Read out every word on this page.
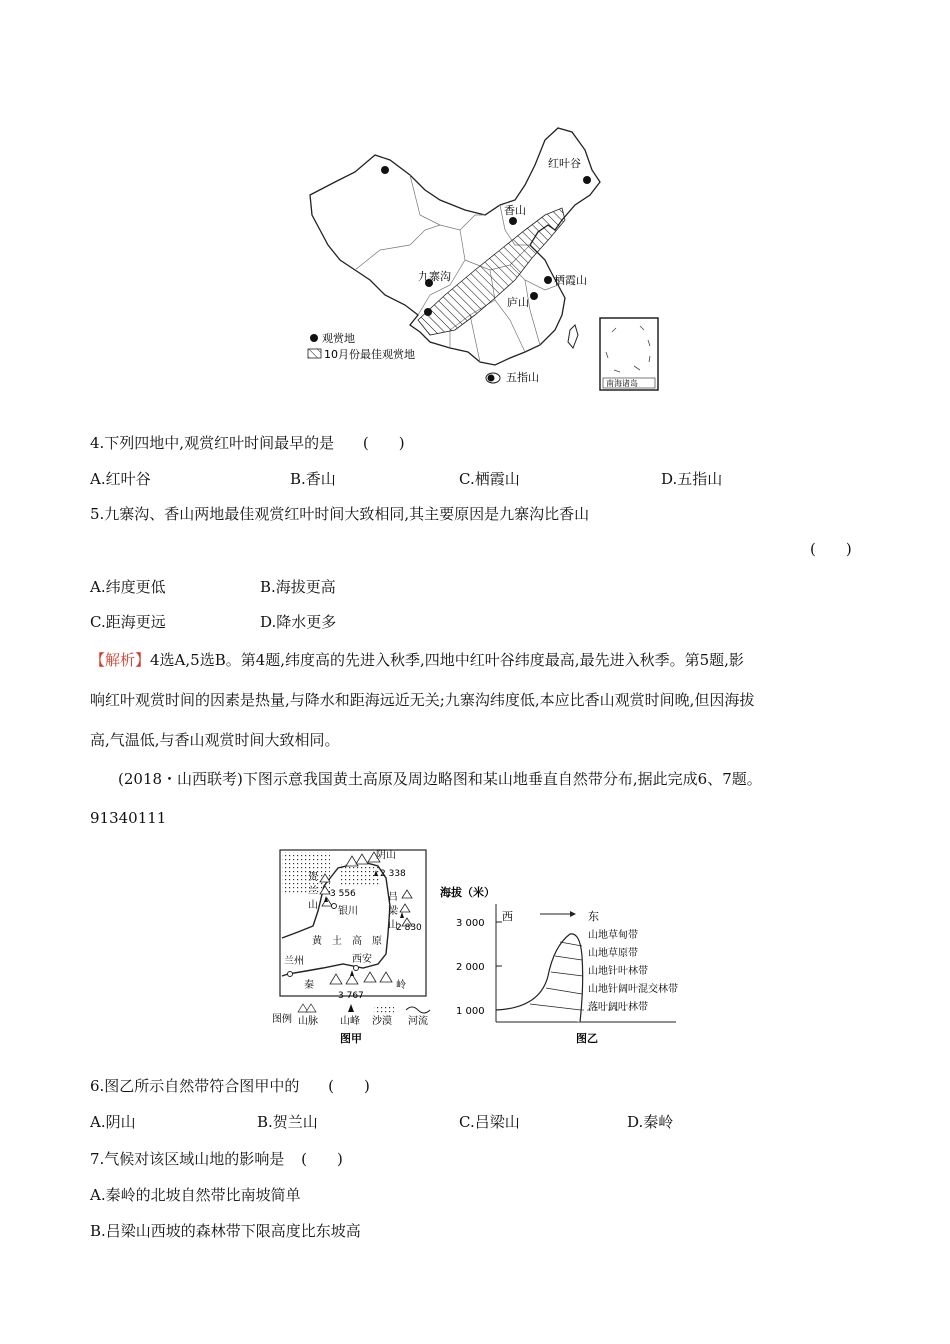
南海诸岛
红叶谷
香山
九寨沟	栖霞山
庐山
五指山
观赏地
10月份最佳观赏地
4.下列四地中,观赏红叶时间最早的是 (　　)
A.红叶谷	B.香山	C.栖霞山	D.五指山
5.九寨沟、香山两地最佳观赏红叶时间大致相同,其主要原因是九寨沟比香山
(　　)
A.纬度更低	B.海拔更高
C.距海更远	D.降水更多
【解析】4选A,5选B。第4题,纬度高的先进入秋季,四地中红叶谷纬度最高,最先进入秋季。第5题,影
响红叶观赏时间的因素是热量,与降水和距海远近无关;九寨沟纬度低,本应比香山观赏时间晚,但因海拔
高,气温低,与香山观赏时间大致相同。
(2018・山西联考)下图示意我国黄土高原及周边略图和某山地垂直自然带分布,据此完成6、7题。
91340111
阴山
2 338
贺
兰
山
3 556
银川
吕
梁
山
2 830
黄　土　高　原
兰州	西安
秦
3 767
岭
图例 山脉 山峰 沙漠 河流
图甲
海拔（米）
3 000
2 000
1 000
西	东
山地草甸带
山地草原带
山地针叶林带
山地针阔叶混交林带
落叶阔叶林带
图乙
6.图乙所示自然带符合图甲中的 (　　)
A.阴山	B.贺兰山	C.吕梁山	D.秦岭
7.气候对该区域山地的影响是 (　　)
A.秦岭的北坡自然带比南坡简单
B.吕梁山西坡的森林带下限高度比东坡高
